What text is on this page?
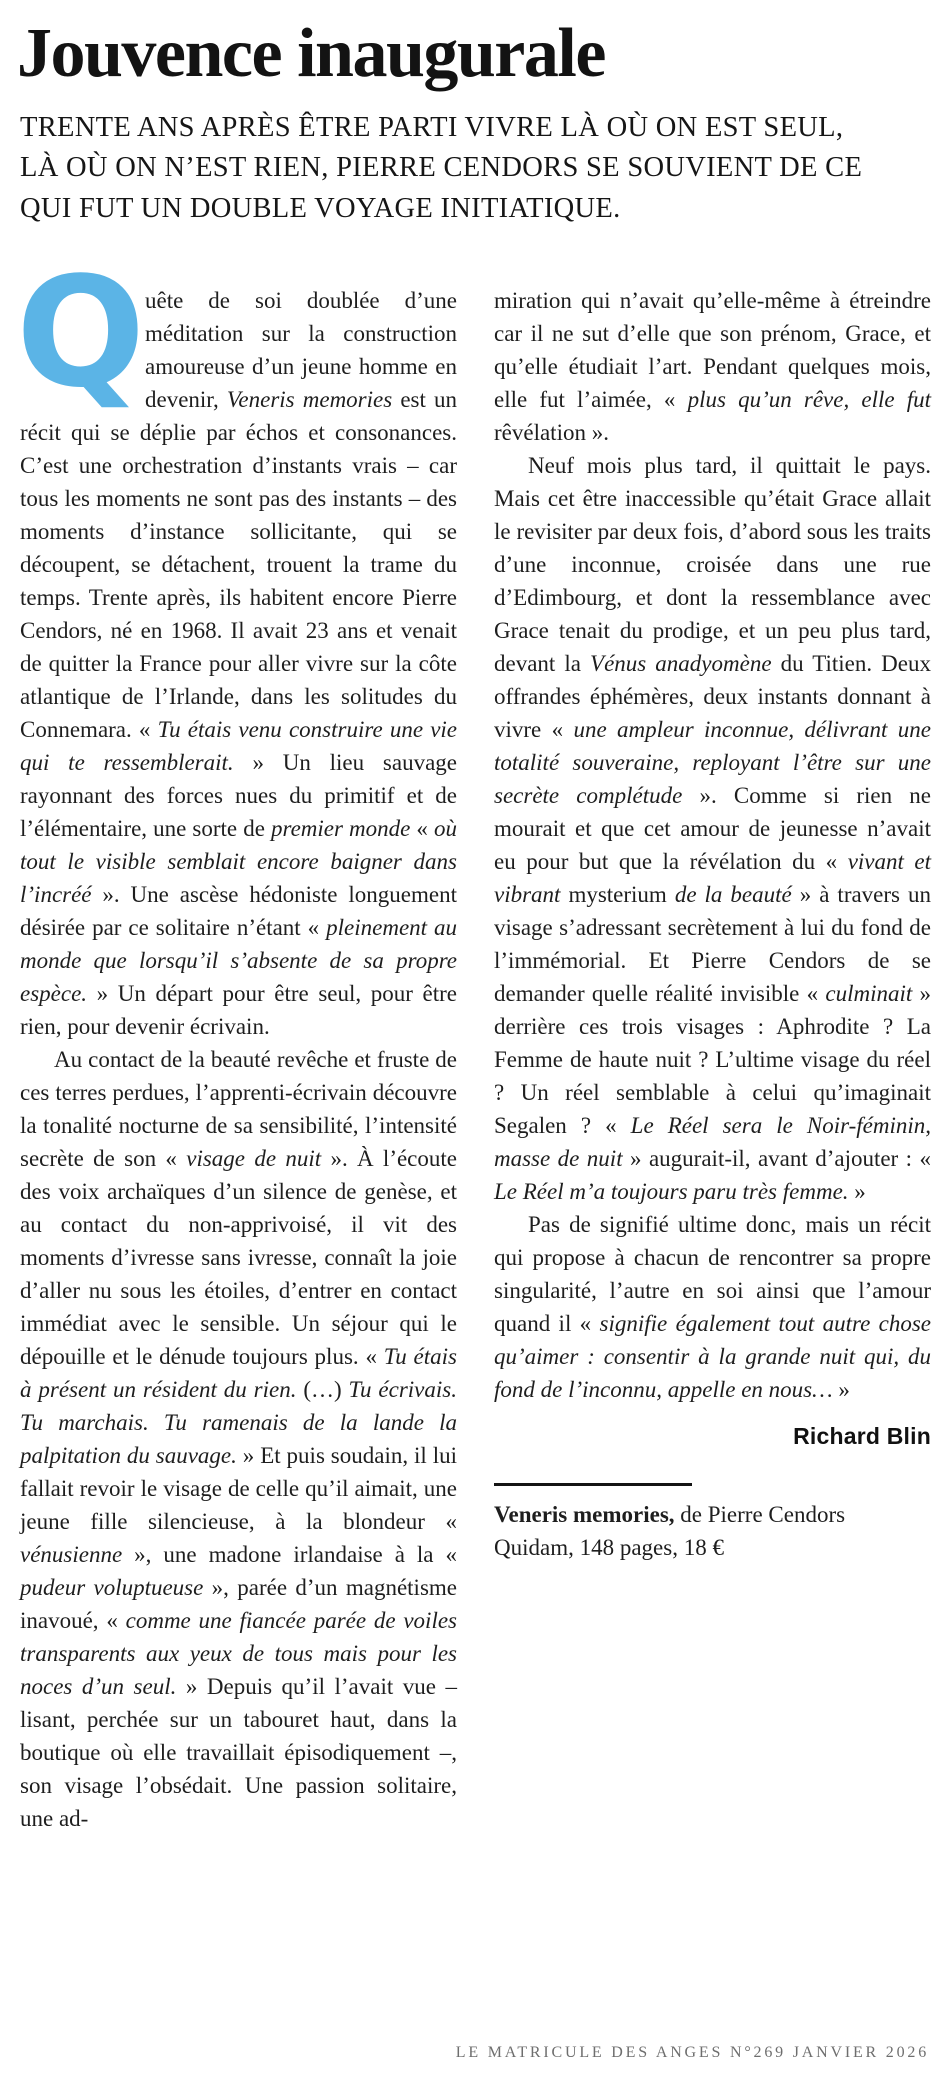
Jouvence inaugurale

TRENTE ANS APRÈS ÊTRE PARTI VIVRE LÀ OÙ ON EST SEUL, LÀ OÙ ON N’EST RIEN, PIERRE CENDORS SE SOUVIENT DE CE QUI FUT UN DOUBLE VOYAGE INITIATIQUE.

Quête de soi doublée d’une méditation sur la construction amoureuse d’un jeune homme en devenir, Veneris memories est un récit qui se déplie par échos et consonances. C’est une orchestration d’instants vrais – car tous les moments ne sont pas des instants – des moments d’instance sollicitante, qui se découpent, se détachent, trouent la trame du temps. Trente après, ils habitent encore Pierre Cendors, né en 1968. Il avait 23 ans et venait de quitter la France pour aller vivre sur la côte atlantique de l’Irlande, dans les solitudes du Connemara. « Tu étais venu construire une vie qui te ressemblerait. » Un lieu sauvage rayonnant des forces nues du primitif et de l’élémentaire, une sorte de premier monde « où tout le visible semblait encore baigner dans l’incréé ». Une ascèse hédoniste longuement désirée par ce solitaire n’étant « pleinement au monde que lorsqu’il s’absente de sa propre espèce. » Un départ pour être seul, pour être rien, pour devenir écrivain.

Au contact de la beauté revêche et fruste de ces terres perdues, l’apprenti-écrivain découvre la tonalité nocturne de sa sensibilité, l’intensité secrète de son « visage de nuit ». À l’écoute des voix archaïques d’un silence de genèse, et au contact du non-apprivoisé, il vit des moments d’ivresse sans ivresse, connaît la joie d’aller nu sous les étoiles, d’entrer en contact immédiat avec le sensible. Un séjour qui le dépouille et le dénude toujours plus. « Tu étais à présent un résident du rien. (…) Tu écrivais. Tu marchais. Tu ramenais de la lande la palpitation du sauvage. » Et puis soudain, il lui fallait revoir le visage de celle qu’il aimait, une jeune fille silencieuse, à la blondeur « vénusienne », une madone irlandaise à la « pudeur voluptueuse », parée d’un magnétisme inavoué, « comme une fiancée parée de voiles transparents aux yeux de tous mais pour les noces d’un seul. » Depuis qu’il l’avait vue – lisant, perchée sur un tabouret haut, dans la boutique où elle travaillait épisodiquement –, son visage l’obsédait. Une passion solitaire, une ad-

miration qui n’avait qu’elle-même à étreindre car il ne sut d’elle que son prénom, Grace, et qu’elle étudiait l’art. Pendant quelques mois, elle fut l’aimée, « plus qu’un rêve, elle fut rêvélation ».

Neuf mois plus tard, il quittait le pays. Mais cet être inaccessible qu’était Grace allait le revisiter par deux fois, d’abord sous les traits d’une inconnue, croisée dans une rue d’Edimbourg, et dont la ressemblance avec Grace tenait du prodige, et un peu plus tard, devant la Vénus anadyomène du Titien. Deux offrandes éphémères, deux instants donnant à vivre « une ampleur inconnue, délivrant une totalité souveraine, reployant l’être sur une secrète complétude ». Comme si rien ne mourait et que cet amour de jeunesse n’avait eu pour but que la révélation du « vivant et vibrant mysterium de la beauté » à travers un visage s’adressant secrètement à lui du fond de l’immémorial. Et Pierre Cendors de se demander quelle réalité invisible « culminait » derrière ces trois visages : Aphrodite ? La Femme de haute nuit ? L’ultime visage du réel ? Un réel semblable à celui qu’imaginait Segalen ? « Le Réel sera le Noir-féminin, masse de nuit » augurait-il, avant d’ajouter : « Le Réel m’a toujours paru très femme. »

Pas de signifié ultime donc, mais un récit qui propose à chacun de rencontrer sa propre singularité, l’autre en soi ainsi que l’amour quand il « signifie également tout autre chose qu’aimer : consentir à la grande nuit qui, du fond de l’inconnu, appelle en nous… »

Richard Blin
Veneris memories, de Pierre Cendors
Quidam, 148 pages, 18 €
LE MATRICULE DES ANGES N°269 JANVIER 2026
